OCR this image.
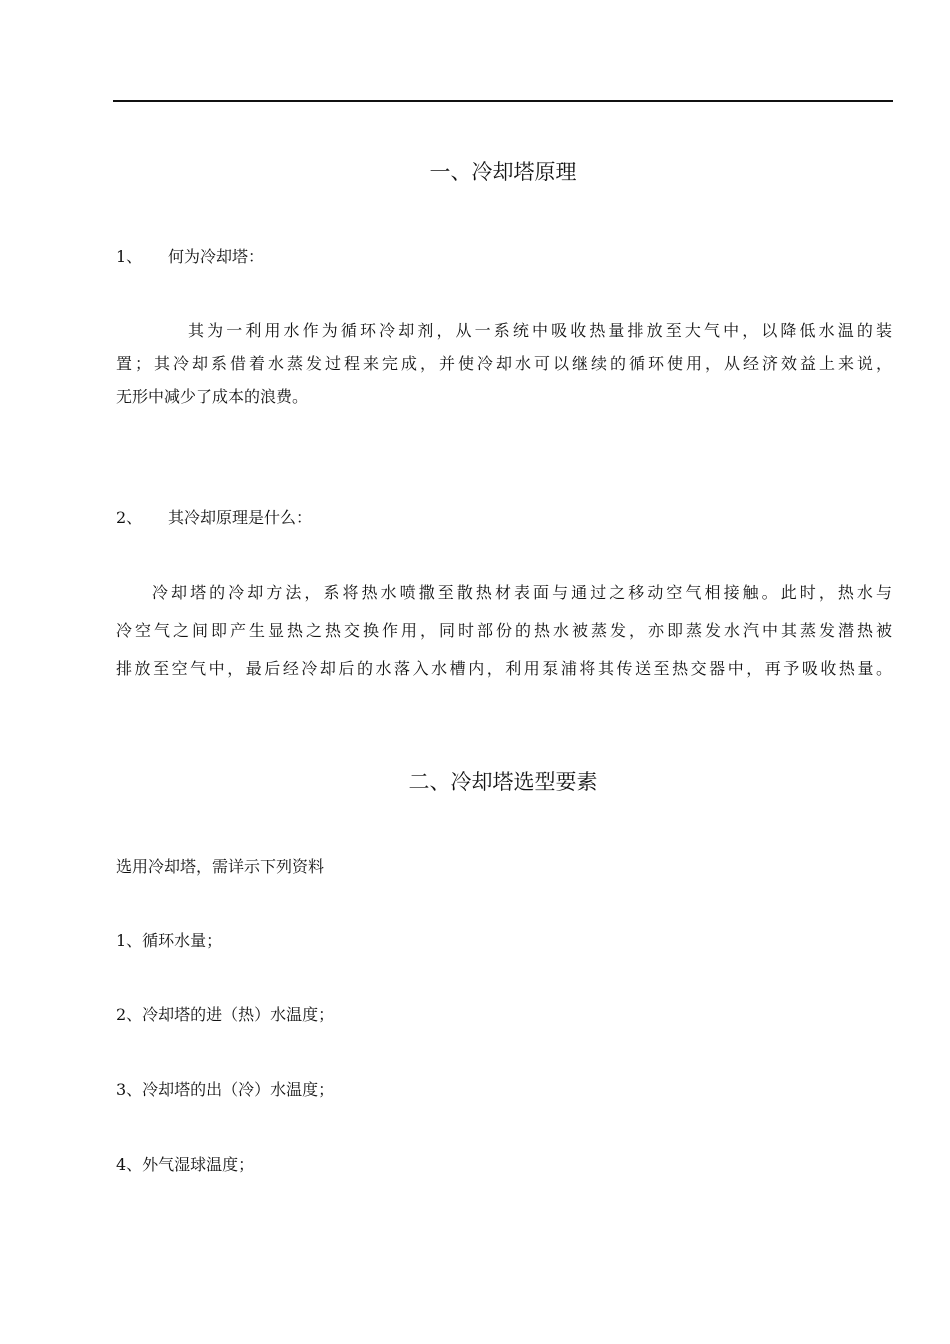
一、冷却塔原理
1、 何为冷却塔：
其为一利用水作为循环冷却剂，从一系统中吸收热量排放至大气中，以降低水温的装
置；其冷却系借着水蒸发过程来完成，并使冷却水可以继续的循环使用，从经济效益上来说，
无形中减少了成本的浪费。
2、 其冷却原理是什么：
冷却塔的冷却方法，系将热水喷撒至散热材表面与通过之移动空气相接触。此时，热水与
冷空气之间即产生显热之热交换作用，同时部份的热水被蒸发，亦即蒸发水汽中其蒸发潜热被
排放至空气中，最后经冷却后的水落入水槽内，利用泵浦将其传送至热交器中，再予吸收热量。
二、冷却塔选型要素
选用冷却塔，需详示下列资料
1、循环水量；
2、冷却塔的进（热）水温度；
3、冷却塔的出（冷）水温度；
4、外气湿球温度；
